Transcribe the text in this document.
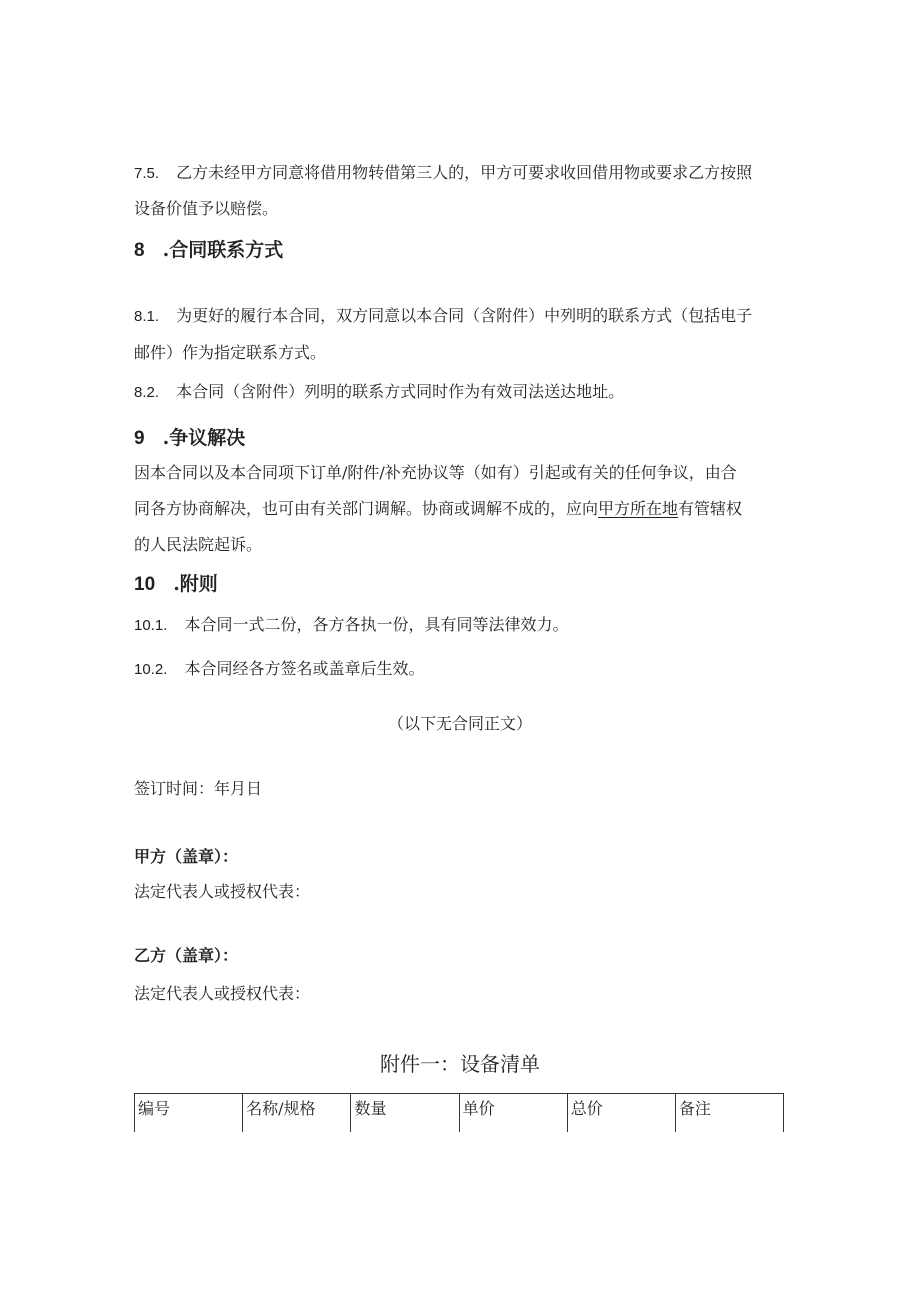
7.5. 乙方未经甲方同意将借用物转借第三人的，甲方可要求收回借用物或要求乙方按照
设备价值予以赔偿。
8 .合同联系方式
8.1. 为更好的履行本合同，双方同意以本合同（含附件）中列明的联系方式（包括电子
邮件）作为指定联系方式。
8.2. 本合同（含附件）列明的联系方式同时作为有效司法送达地址。
9 .争议解决
因本合同以及本合同项下订单/附件/补充协议等（如有）引起或有关的任何争议，由合
同各方协商解决，也可由有关部门调解。协商或调解不成的，应向甲方所在地有管辖权
的人民法院起诉。
10 .附则
10.1. 本合同一式二份，各方各执一份，具有同等法律效力。
10.2. 本合同经各方签名或盖章后生效。
（以下无合同正文）
签订时间：年月日
甲方（盖章）：
法定代表人或授权代表：
乙方（盖章）：
法定代表人或授权代表：
附件一：设备清单
编号	名称/规格	数量	单价	总价	备注
